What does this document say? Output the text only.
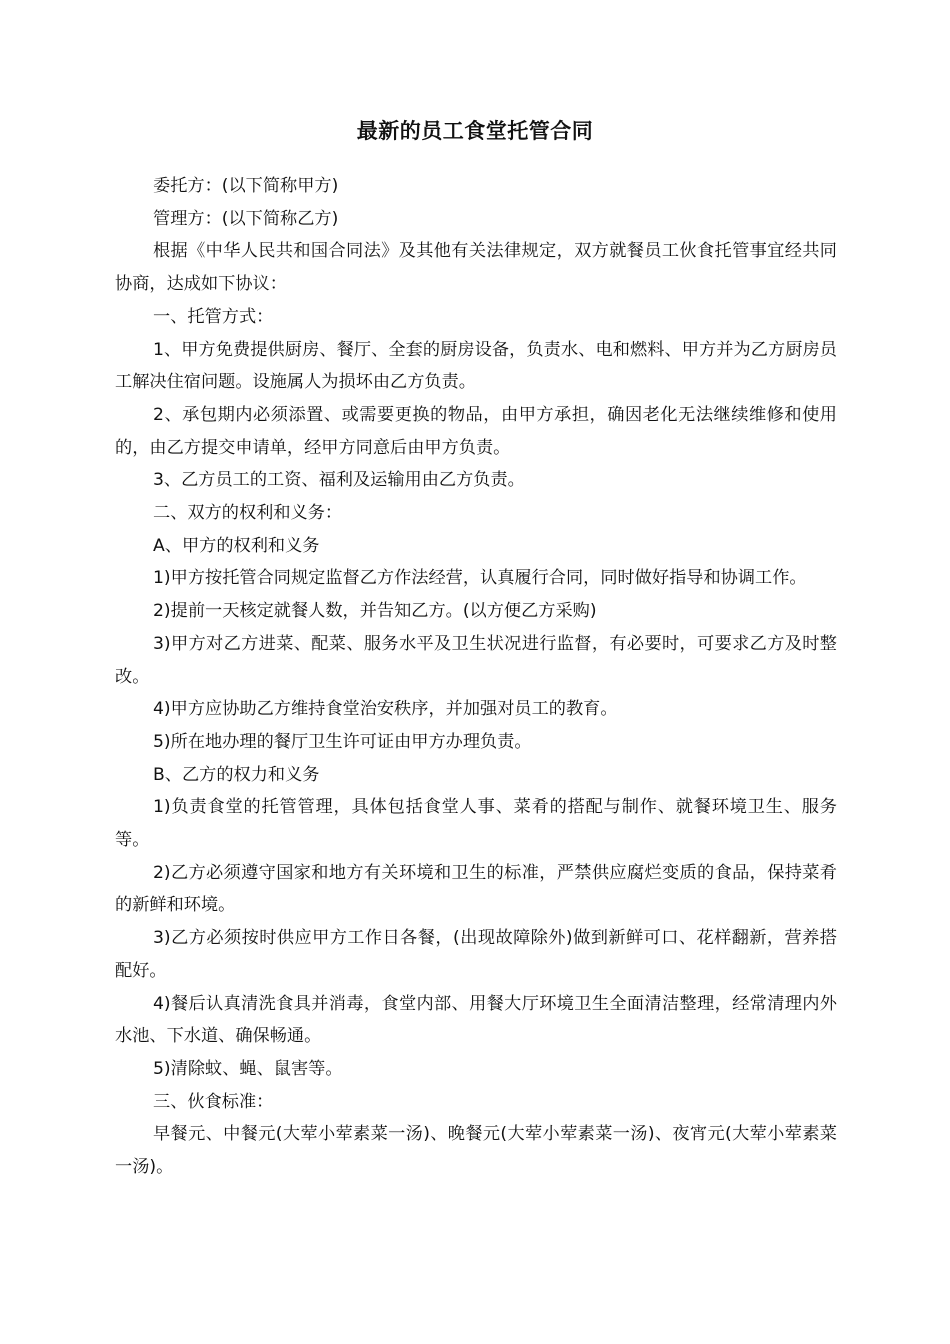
最新的员工食堂托管合同

委托方：(以下简称甲方)

管理方：(以下简称乙方)

根据《中华人民共和国合同法》及其他有关法律规定，双方就餐员工伙食托管事宜经共同协商，达成如下协议：

一、托管方式：

1、甲方免费提供厨房、餐厅、全套的厨房设备，负责水、电和燃料、甲方并为乙方厨房员工解决住宿问题。设施属人为损坏由乙方负责。

2、承包期内必须添置、或需要更换的物品，由甲方承担，确因老化无法继续维修和使用的，由乙方提交申请单，经甲方同意后由甲方负责。

3、乙方员工的工资、福利及运输用由乙方负责。

二、双方的权利和义务：

A、甲方的权利和义务

1)甲方按托管合同规定监督乙方作法经营，认真履行合同，同时做好指导和协调工作。

2)提前一天核定就餐人数，并告知乙方。(以方便乙方采购)

3)甲方对乙方进菜、配菜、服务水平及卫生状况进行监督，有必要时，可要求乙方及时整改。

4)甲方应协助乙方维持食堂治安秩序，并加强对员工的教育。

5)所在地办理的餐厅卫生许可证由甲方办理负责。

B、乙方的权力和义务

1)负责食堂的托管管理，具体包括食堂人事、菜肴的搭配与制作、就餐环境卫生、服务等。

2)乙方必须遵守国家和地方有关环境和卫生的标准，严禁供应腐烂变质的食品，保持菜肴的新鲜和环境。

3)乙方必须按时供应甲方工作日各餐，(出现故障除外)做到新鲜可口、花样翻新，营养搭配好。

4)餐后认真清洗食具并消毒，食堂内部、用餐大厅环境卫生全面清洁整理，经常清理内外水池、下水道、确保畅通。

5)清除蚊、蝇、鼠害等。

三、伙食标准：

早餐元、中餐元(大荤小荤素菜一汤)、晚餐元(大荤小荤素菜一汤)、夜宵元(大荤小荤素菜一汤)。
